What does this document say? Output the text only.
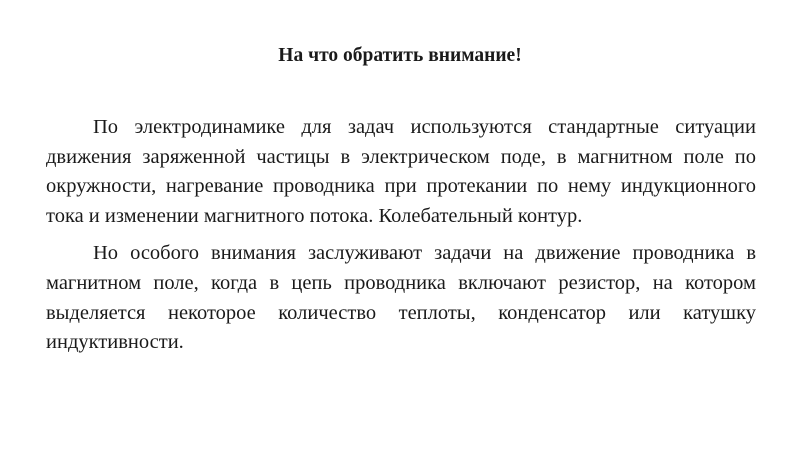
На что обратить внимание!

По электродинамике для задач используются стандартные ситуации движения заряженной частицы в электрическом поде, в магнитном поле по окружности, нагревание проводника при протекании по нему индукционного тока и изменении магнитного потока. Колебательный контур.

Но особого внимания заслуживают задачи на движение проводника в магнитном поле, когда в цепь проводника включают резистор, на котором выделяется некоторое количество теплоты, конденсатор или катушку индуктивности.
